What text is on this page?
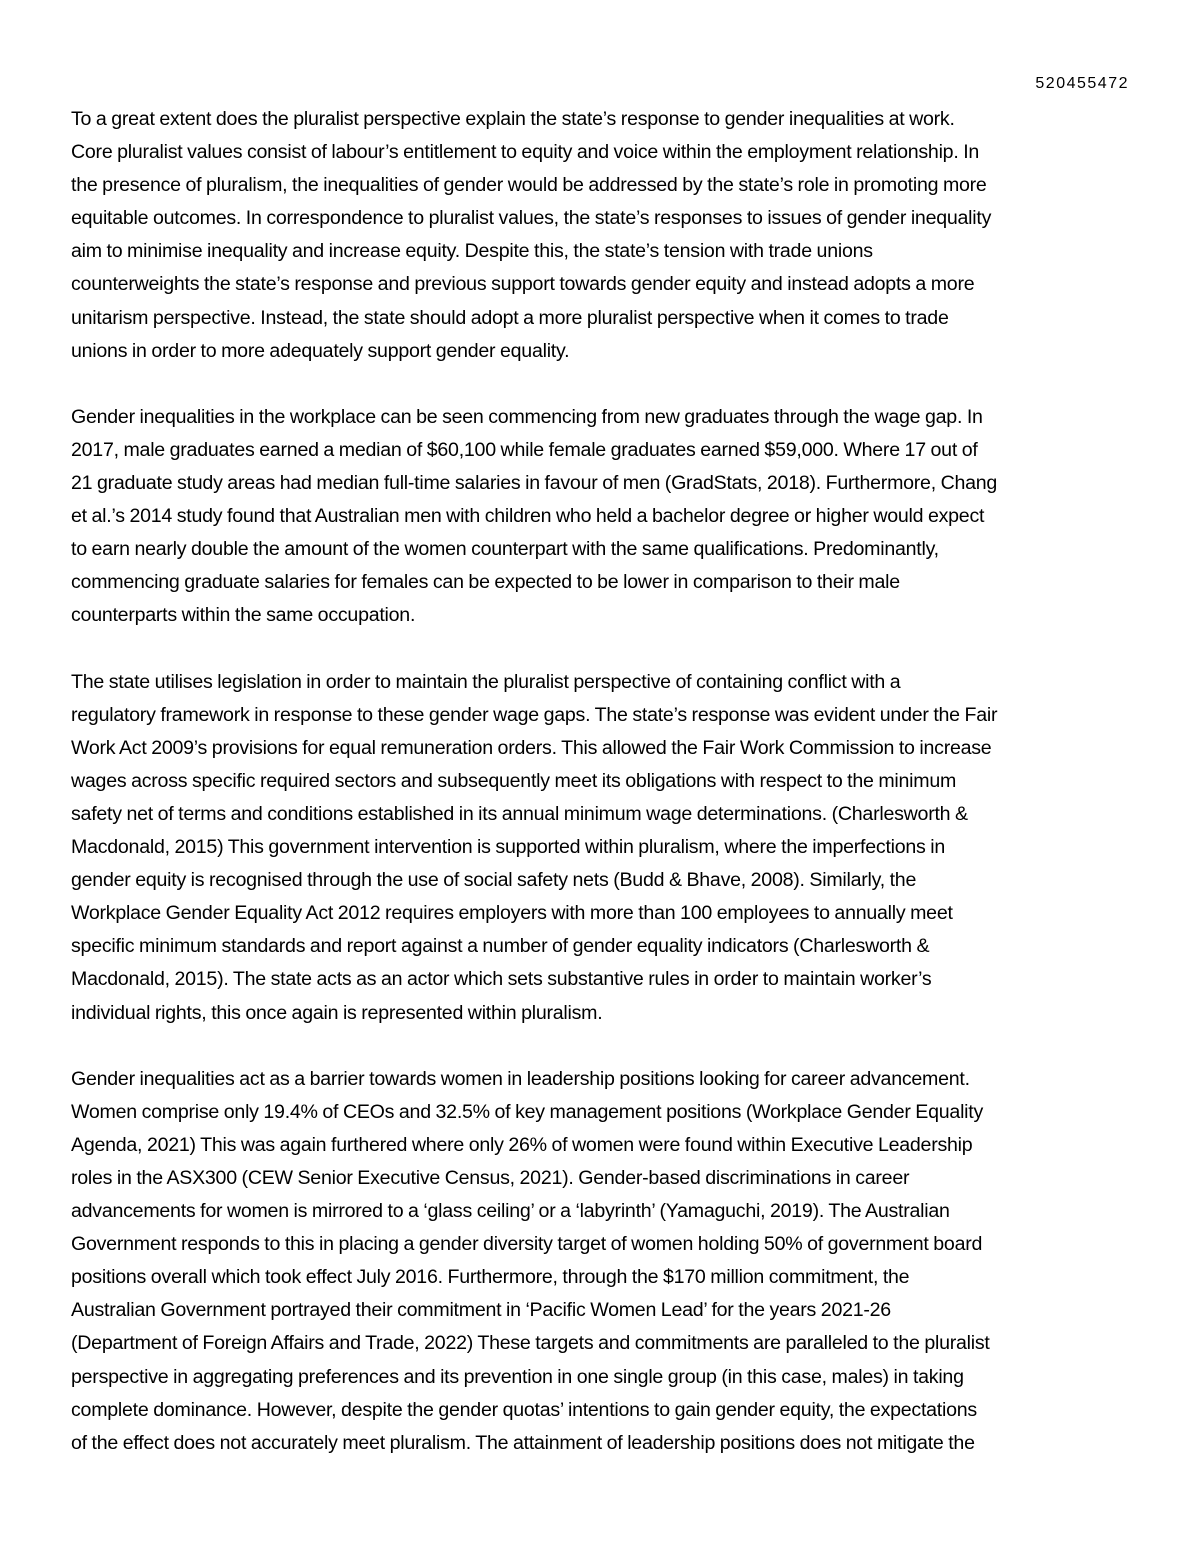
520455472
To a great extent does the pluralist perspective explain the state’s response to gender inequalities at work.
Core pluralist values consist of labour’s entitlement to equity and voice within the employment relationship. In
the presence of pluralism, the inequalities of gender would be addressed by the state’s role in promoting more
equitable outcomes. In correspondence to pluralist values, the state’s responses to issues of gender inequality
aim to minimise inequality and increase equity. Despite this, the state’s tension with trade unions
counterweights the state’s response and previous support towards gender equity and instead adopts a more
unitarism perspective. Instead, the state should adopt a more pluralist perspective when it comes to trade
unions in order to more adequately support gender equality.
Gender inequalities in the workplace can be seen commencing from new graduates through the wage gap. In
2017, male graduates earned a median of $60,100 while female graduates earned $59,000. Where 17 out of
21 graduate study areas had median full-time salaries in favour of men (GradStats, 2018). Furthermore, Chang
et al.’s 2014 study found that Australian men with children who held a bachelor degree or higher would expect
to earn nearly double the amount of the women counterpart with the same qualifications. Predominantly,
commencing graduate salaries for females can be expected to be lower in comparison to their male
counterparts within the same occupation.
The state utilises legislation in order to maintain the pluralist perspective of containing conflict with a
regulatory framework in response to these gender wage gaps. The state’s response was evident under the Fair
Work Act 2009’s provisions for equal remuneration orders. This allowed the Fair Work Commission to increase
wages across specific required sectors and subsequently meet its obligations with respect to the minimum
safety net of terms and conditions established in its annual minimum wage determinations. (Charlesworth &
Macdonald, 2015) This government intervention is supported within pluralism, where the imperfections in
gender equity is recognised through the use of social safety nets (Budd & Bhave, 2008). Similarly, the
Workplace Gender Equality Act 2012 requires employers with more than 100 employees to annually meet
specific minimum standards and report against a number of gender equality indicators (Charlesworth &
Macdonald, 2015). The state acts as an actor which sets substantive rules in order to maintain worker’s
individual rights, this once again is represented within pluralism.
Gender inequalities act as a barrier towards women in leadership positions looking for career advancement.
Women comprise only 19.4% of CEOs and 32.5% of key management positions (Workplace Gender Equality
Agenda, 2021) This was again furthered where only 26% of women were found within Executive Leadership
roles in the ASX300 (CEW Senior Executive Census, 2021). Gender-based discriminations in career
advancements for women is mirrored to a ‘glass ceiling’ or a ‘labyrinth’ (Yamaguchi, 2019). The Australian
Government responds to this in placing a gender diversity target of women holding 50% of government board
positions overall which took effect July 2016. Furthermore, through the $170 million commitment, the
Australian Government portrayed their commitment in ‘Pacific Women Lead’ for the years 2021-26
(Department of Foreign Affairs and Trade, 2022) These targets and commitments are paralleled to the pluralist
perspective in aggregating preferences and its prevention in one single group (in this case, males) in taking
complete dominance. However, despite the gender quotas’ intentions to gain gender equity, the expectations
of the effect does not accurately meet pluralism. The attainment of leadership positions does not mitigate the
